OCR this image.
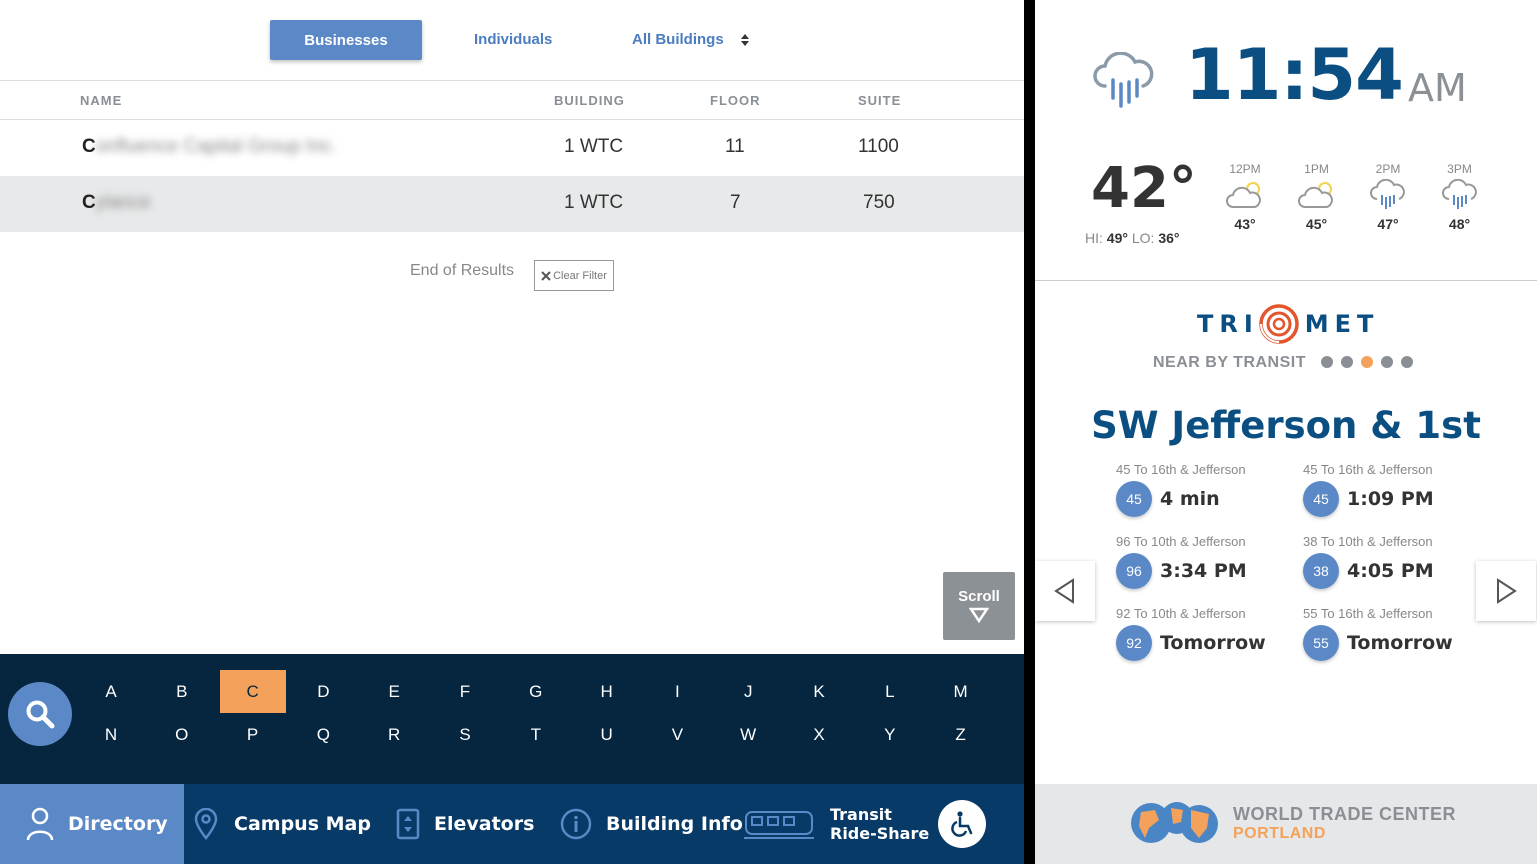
Businesses	Individuals	All Buildings
NAME	BUILDING	FLOOR	SUITE
Confluence Capital Group Inc.	1 WTC	11	1100
Cylance	1 WTC	7	750
End of Results	Clear Filter
Scroll
A	B	C	D	E	F	G	H	I	J	K	L	M
N	O	P	Q	R	S	T	U	V	W	X	Y	Z
Directory	Campus Map	Elevators	Building Info	Transit
Ride-Share
11:54 AM
42°
HI: 49° LO: 36°
12PM
43°
1PM
45°
2PM
47°
3PM
48°
TRI MET
NEAR BY TRANSIT
SW Jefferson & 1st
45 To 16th & Jefferson
45 4 min
45 To 16th & Jefferson
45 1:09 PM
96 To 10th & Jefferson
96 3:34 PM
38 To 10th & Jefferson
38 4:05 PM
92 To 10th & Jefferson
92 Tomorrow
55 To 16th & Jefferson
55 Tomorrow
WORLD TRADE CENTER
PORTLAND
